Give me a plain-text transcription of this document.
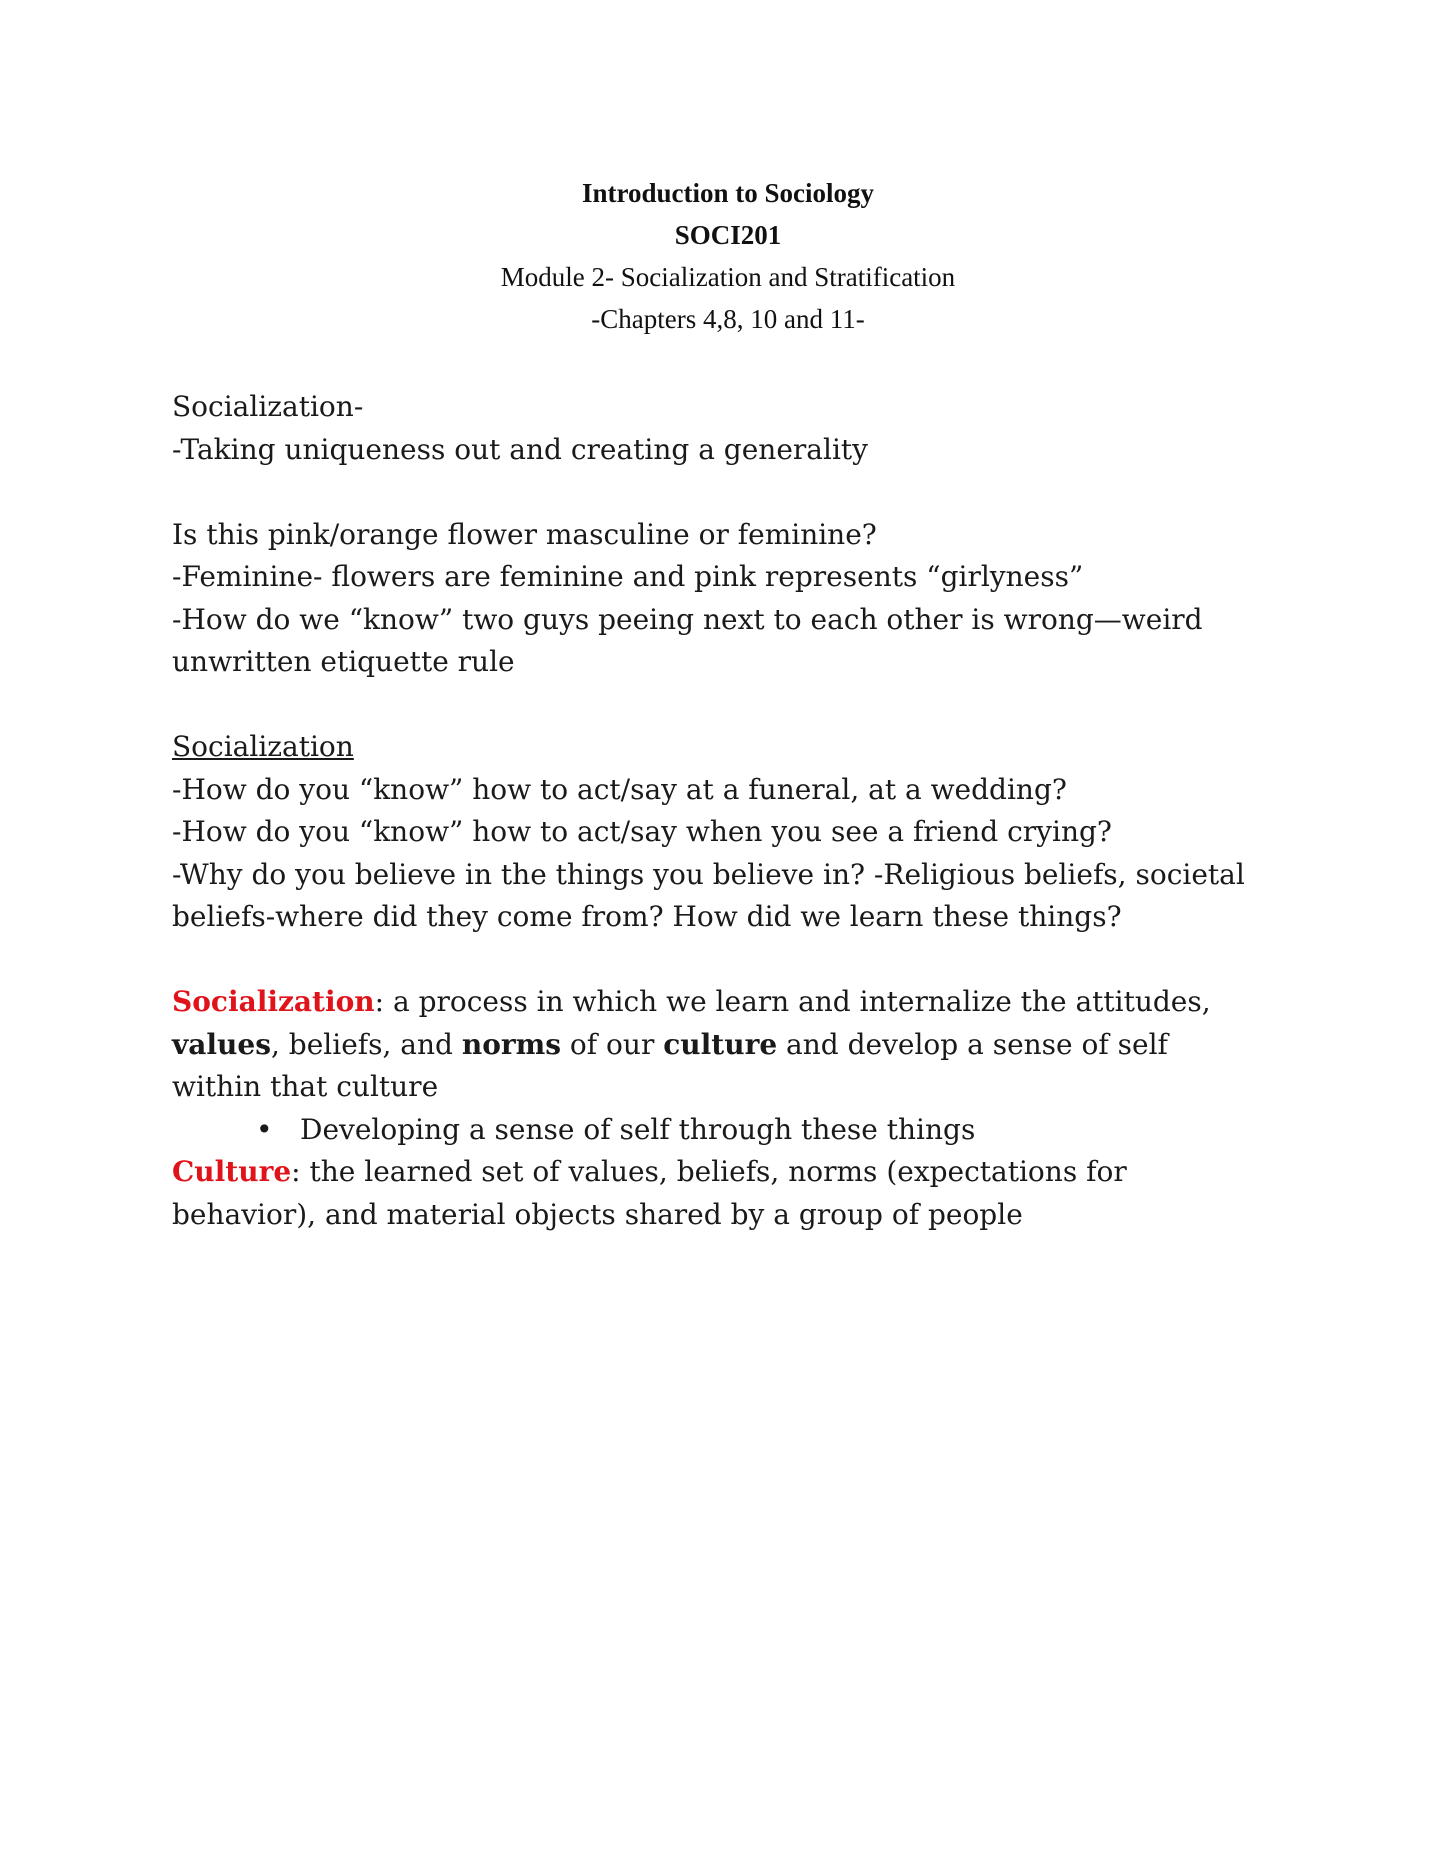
Introduction to Sociology
SOCI201
Module 2- Socialization and Stratification
-Chapters 4,8, 10 and 11-

Socialization-

-Taking uniqueness out and creating a generality

Is this pink/orange flower masculine or feminine?

-Feminine- flowers are feminine and pink represents “girlyness”

-How do we “know” two guys peeing next to each other is wrong—weird

unwritten etiquette rule

Socialization

-How do you “know” how to act/say at a funeral, at a wedding?

-How do you “know” how to act/say when you see a friend crying?

-Why do you believe in the things you believe in? -Religious beliefs, societal

beliefs-where did they come from? How did we learn these things?

Socialization: a process in which we learn and internalize the attitudes,

values, beliefs, and norms of our culture and develop a sense of self

within that culture

• Developing a sense of self through these things

Culture: the learned set of values, beliefs, norms (expectations for

behavior), and material objects shared by a group of people
